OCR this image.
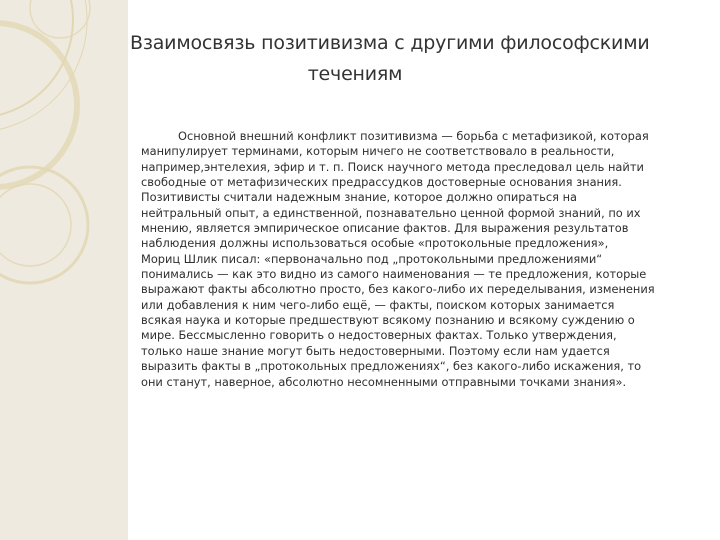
Взаимосвязь позитивизма с другими философскими
течениям
Основной внешний конфликт позитивизма — борьба с метафизикой, которая
манипулирует терминами, которым ничего не соответствовало в реальности,
например,энтелехия, эфир и т. п. Поиск научного метода преследовал цель найти
свободные от метафизических предрассудков достоверные основания знания.
Позитивисты считали надежным знание, которое должно опираться на
нейтральный опыт, а единственной, познавательно ценной формой знаний, по их
мнению, является эмпирическое описание фактов. Для выражения результатов
наблюдения должны использоваться особые «протокольные предложения»,
Мориц Шлик писал: «первоначально под „протокольными предложениями“
понимались — как это видно из самого наименования — те предложения, которые
выражают факты абсолютно просто, без какого-либо их переделывания, изменения
или добавления к ним чего-либо ещё, — факты, поиском которых занимается
всякая наука и которые предшествуют всякому познанию и всякому суждению о
мире. Бессмысленно говорить о недостоверных фактах. Только утверждения,
только наше знание могут быть недостоверными. Поэтому если нам удается
выразить факты в „протокольных предложениях“, без какого-либо искажения, то
они станут, наверное, абсолютно несомненными отправными точками знания».
